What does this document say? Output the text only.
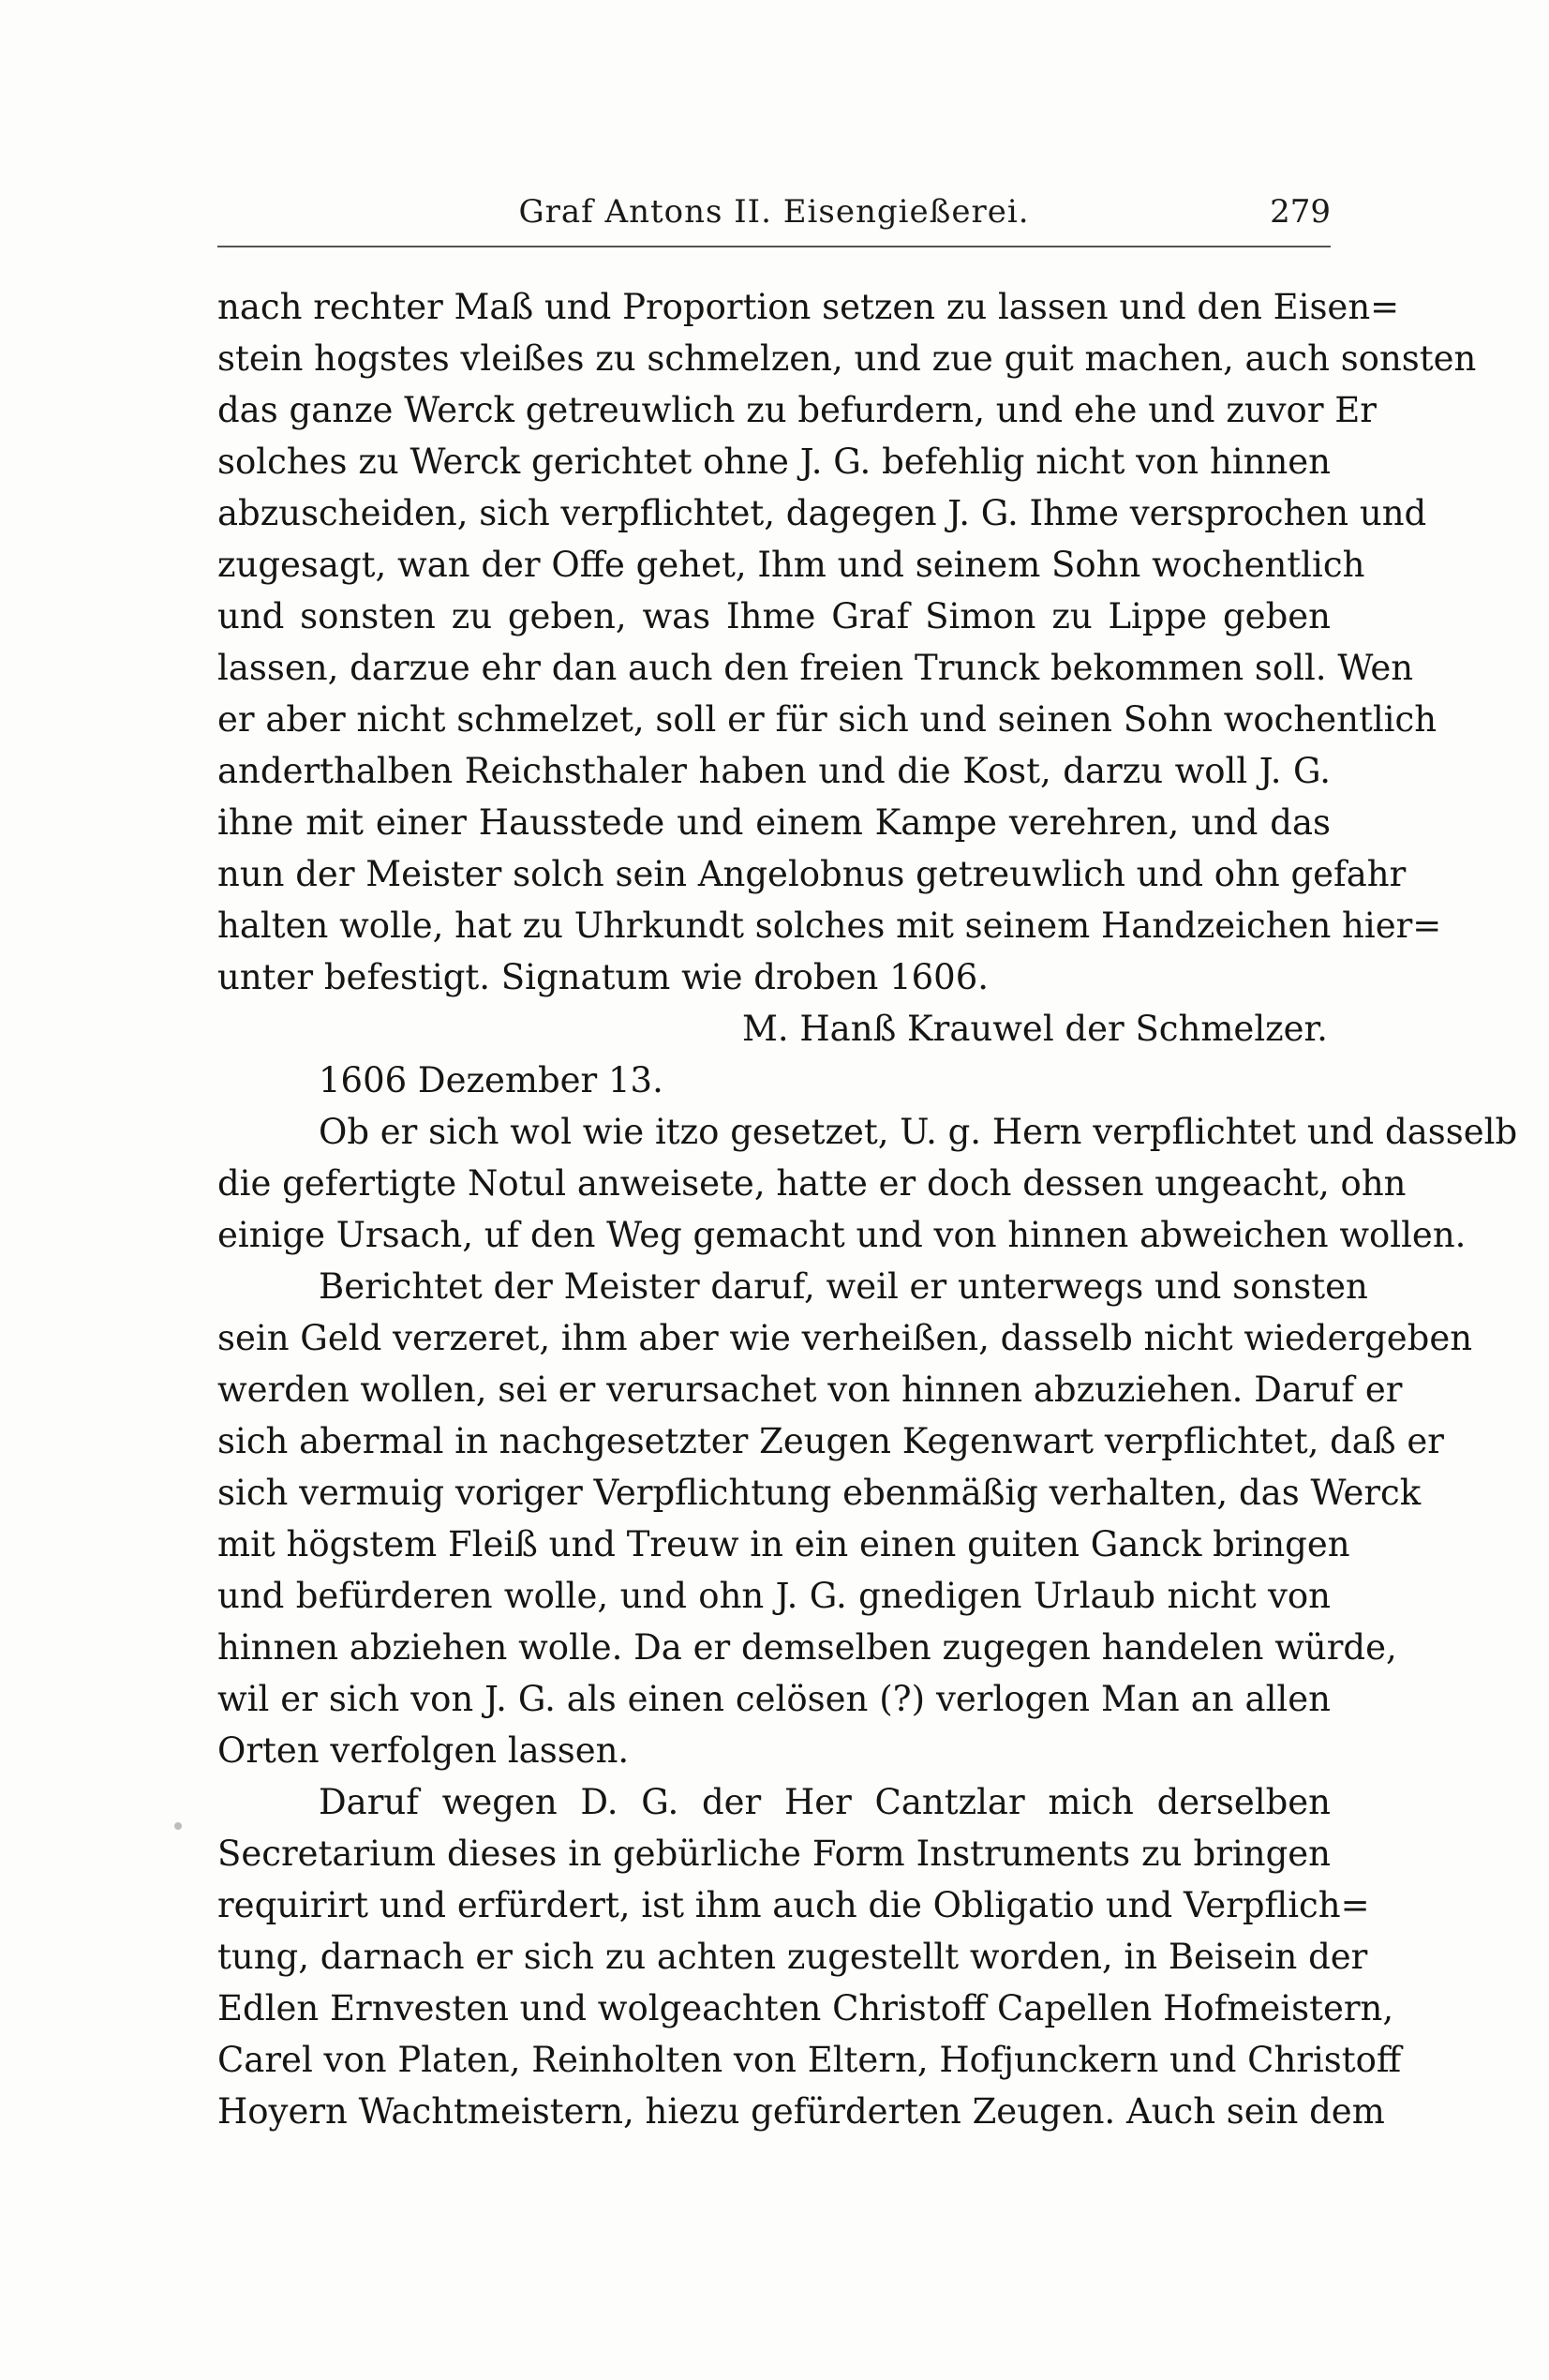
Graf Antons II. Eisengießerei.	279
nach rechter Maß und Proportion setzen zu lassen und den Eisen=
stein hogstes vleißes zu schmelzen, und zue guit machen, auch sonsten
das ganze Werck getreuwlich zu befurdern, und ehe und zuvor Er
solches zu Werck gerichtet ohne J. G. befehlig nicht von hinnen
abzuscheiden, sich verpflichtet, dagegen J. G. Ihme versprochen und
zugesagt, wan der Offe gehet, Ihm und seinem Sohn wochentlich
und sonsten zu geben, was Ihme Graf Simon zu Lippe geben
lassen, darzue ehr dan auch den freien Trunck bekommen soll. Wen
er aber nicht schmelzet, soll er für sich und seinen Sohn wochentlich
anderthalben Reichsthaler haben und die Kost, darzu woll J. G.
ihne mit einer Hausstede und einem Kampe verehren, und das
nun der Meister solch sein Angelobnus getreuwlich und ohn gefahr
halten wolle, hat zu Uhrkundt solches mit seinem Handzeichen hier=
unter befestigt. Signatum wie droben 1606.
M. Hanß Krauwel der Schmelzer.
1606 Dezember 13.
Ob er sich wol wie itzo gesetzet, U. g. Hern verpflichtet und dasselb
die gefertigte Notul anweisete, hatte er doch dessen ungeacht, ohn
einige Ursach, uf den Weg gemacht und von hinnen abweichen wollen.
Berichtet der Meister daruf, weil er unterwegs und sonsten
sein Geld verzeret, ihm aber wie verheißen, dasselb nicht wiedergeben
werden wollen, sei er verursachet von hinnen abzuziehen. Daruf er
sich abermal in nachgesetzter Zeugen Kegenwart verpflichtet, daß er
sich vermuig voriger Verpflichtung ebenmäßig verhalten, das Werck
mit högstem Fleiß und Treuw in ein einen guiten Ganck bringen
und befürderen wolle, und ohn J. G. gnedigen Urlaub nicht von
hinnen abziehen wolle. Da er demselben zugegen handelen würde,
wil er sich von J. G. als einen celösen (?) verlogen Man an allen
Orten verfolgen lassen.
Daruf wegen D. G. der Her Cantzlar mich derselben
Secretarium dieses in gebürliche Form Instruments zu bringen
requirirt und erfürdert, ist ihm auch die Obligatio und Verpflich=
tung, darnach er sich zu achten zugestellt worden, in Beisein der
Edlen Ernvesten und wolgeachten Christoff Capellen Hofmeistern,
Carel von Platen, Reinholten von Eltern, Hofjunckern und Christoff
Hoyern Wachtmeistern, hiezu gefürderten Zeugen. Auch sein dem
